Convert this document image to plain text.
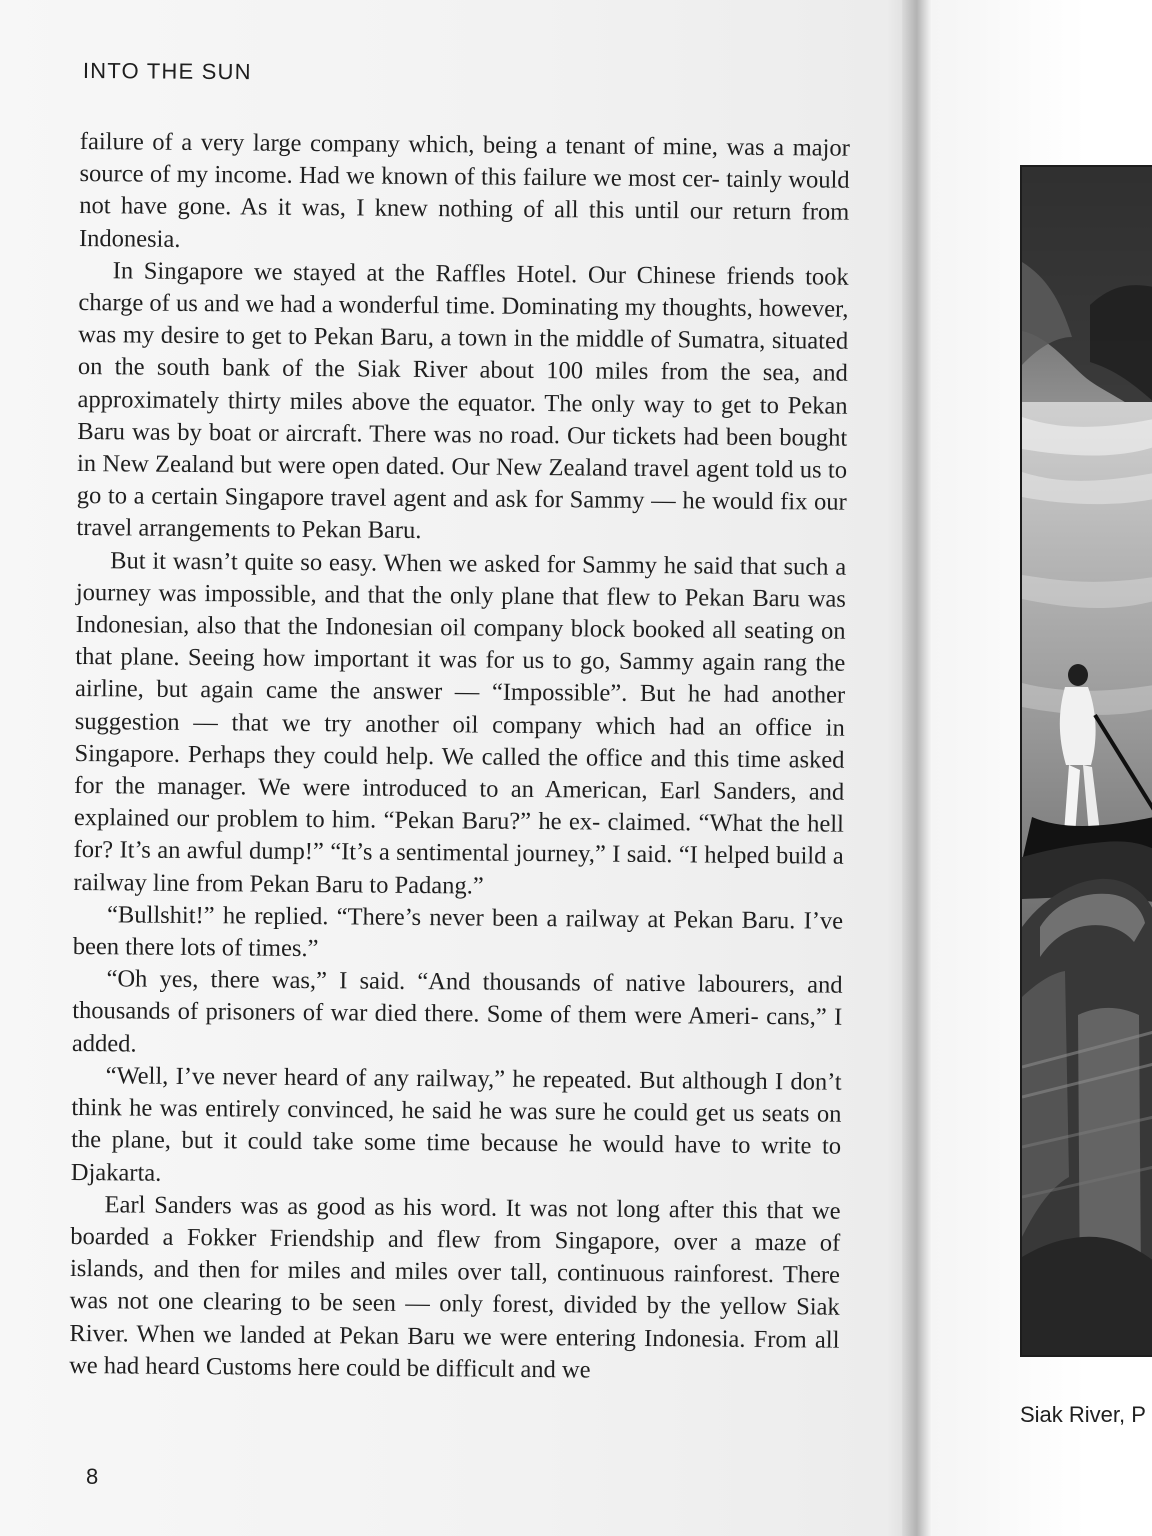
INTO THE SUN

failure of a very large company which, being a tenant of mine, was a major source of my income. Had we known of this failure we most cer- tainly would not have gone. As it was, I knew nothing of all this until our return from Indonesia.

In Singapore we stayed at the Raffles Hotel. Our Chinese friends took charge of us and we had a wonderful time. Dominating my thoughts, however, was my desire to get to Pekan Baru, a town in the middle of Sumatra, situated on the south bank of the Siak River about 100 miles from the sea, and approximately thirty miles above the equator. The only way to get to Pekan Baru was by boat or aircraft. There was no road. Our tickets had been bought in New Zealand but were open dated. Our New Zealand travel agent told us to go to a certain Singapore travel agent and ask for Sammy — he would fix our travel arrangements to Pekan Baru.

But it wasn’t quite so easy. When we asked for Sammy he said that such a journey was impossible, and that the only plane that flew to Pekan Baru was Indonesian, also that the Indonesian oil company block booked all seating on that plane. Seeing how important it was for us to go, Sammy again rang the airline, but again came the answer — “Impossible”. But he had another suggestion — that we try another oil company which had an office in Singapore. Perhaps they could help. We called the office and this time asked for the manager. We were introduced to an American, Earl Sanders, and explained our problem to him. “Pekan Baru?” he ex- claimed. “What the hell for? It’s an awful dump!” “It’s a sentimental journey,” I said. “I helped build a railway line from Pekan Baru to Padang.”

“Bullshit!” he replied. “There’s never been a railway at Pekan Baru. I’ve been there lots of times.”

“Oh yes, there was,” I said. “And thousands of native labourers, and thousands of prisoners of war died there. Some of them were Ameri- cans,” I added.

“Well, I’ve never heard of any railway,” he repeated. But although I don’t think he was entirely convinced, he said he was sure he could get us seats on the plane, but it could take some time because he would have to write to Djakarta.

Earl Sanders was as good as his word. It was not long after this that we boarded a Fokker Friendship and flew from Singapore, over a maze of islands, and then for miles and miles over tall, continuous rainforest. There was not one clearing to be seen — only forest, divided by the yellow Siak River. When we landed at Pekan Baru we were entering Indonesia. From all we had heard Customs here could be difficult and we

8
Siak River, P
